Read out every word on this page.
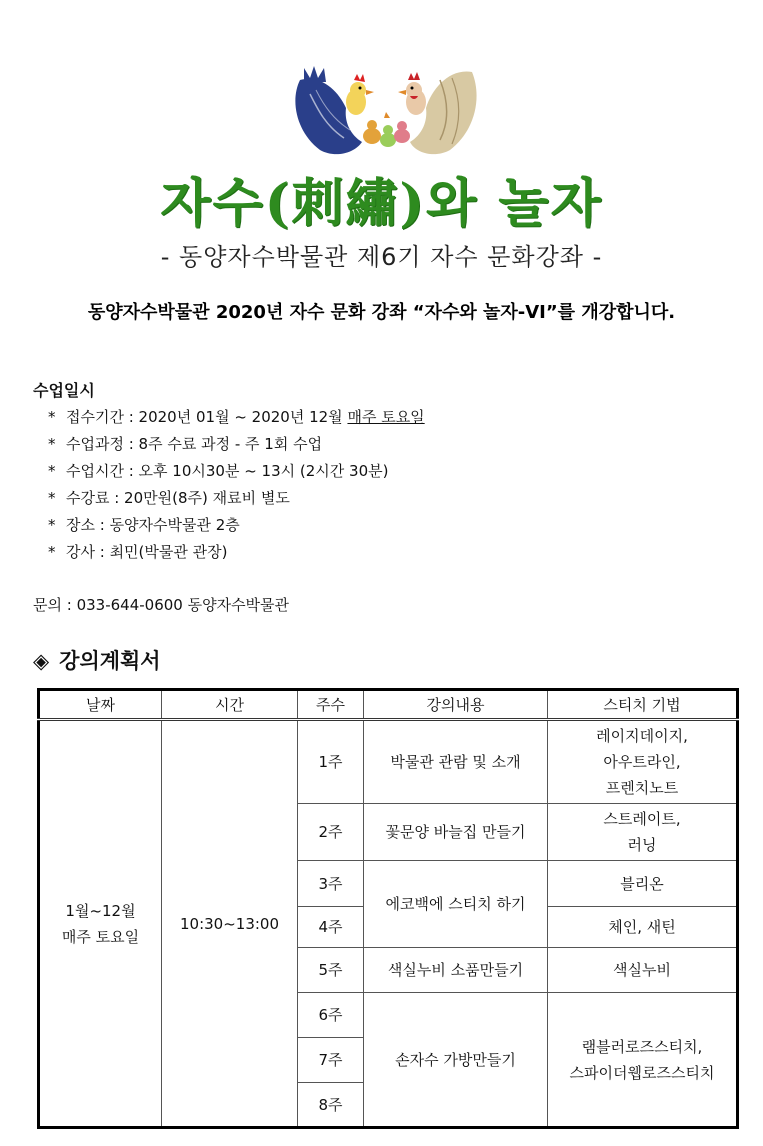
자수(刺繡)와 놀자
- 동양자수박물관 제6기 자수 문화강좌 -
동양자수박물관 2020년 자수 문화 강좌 “자수와 놀자-VI”를 개강합니다.
수업일시
* 접수기간 : 2020년 01월 ~ 2020년 12월 매주 토요일
* 수업과정 : 8주 수료 과정 - 주 1회 수업
* 수업시간 : 오후 10시30분 ~ 13시 (2시간 30분)
* 수강료 : 20만원(8주) 재료비 별도
* 장소 : 동양자수박물관 2층
* 강사 : 최민(박물관 관장)
문의 : 033-644-0600 동양자수박물관
◈ 강의계획서
날짜	시간	주수	강의내용	스티치 기법
1월~12월
매주 토요일	10:30~13:00	1주	박물관 관람 및 소개	레이지데이지,
아우트라인,
프렌치노트
		2주	꽃문양 바늘집 만들기	스트레이트,
러닝
		3주	에코백에 스티치 하기	블리온
		4주		체인, 새틴
		5주	색실누비 소품만들기	색실누비
		6주	손자수 가방만들기	램블러로즈스티치,
스파이더웹로즈스티치
		7주		
		8주		
